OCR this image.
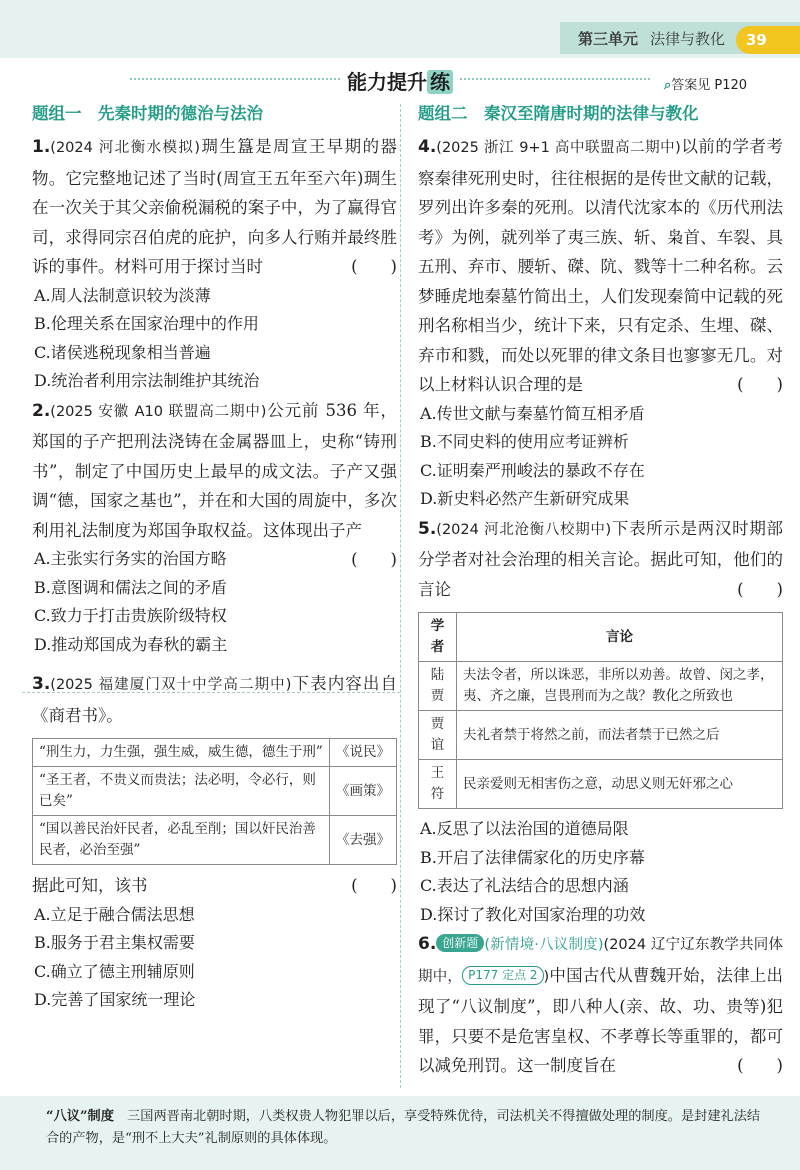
第三单元 法律与教化	39
能力提升 练	⌕答案见 P120
题组一　先秦时期的德治与法治
1.(2024 河北衡水模拟)琱生簋是周宣王早期的器物。它完整地记述了当时(周宣王五年至六年)琱生在一次关于其父亲偷税漏税的案子中，为了赢得官司，求得同宗召伯虎的庇护，向多人行贿并最终胜诉的事件。材料可用于探讨当时	(　　)
A.周人法制意识较为淡薄
B.伦理关系在国家治理中的作用
C.诸侯逃税现象相当普遍
D.统治者利用宗法制维护其统治
2.(2025 安徽 A10 联盟高二期中)公元前 536 年，郑国的子产把刑法浇铸在金属器皿上，史称“铸刑书”，制定了中国历史上最早的成文法。子产又强调“德，国家之基也”，并在和大国的周旋中，多次利用礼法制度为郑国争取权益。这体现出子产
(　　)
A.主张实行务实的治国方略
B.意图调和儒法之间的矛盾
C.致力于打击贵族阶级特权
D.推动郑国成为春秋的霸主
3.(2025 福建厦门双十中学高二期中)下表内容出自《商君书》。
“刑生力，力生强，强生威，威生德，德生于刑”	《说民》
“圣王者，不贵义而贵法；法必明，令必行，则已矣”	《画策》
“国以善民治奸民者，必乱至削；国以奸民治善民者，必治至强”	《去强》
据此可知，该书	(　　)
A.立足于融合儒法思想
B.服务于君主集权需要
C.确立了德主刑辅原则
D.完善了国家统一理论
题组二　秦汉至隋唐时期的法律与教化
4.(2025 浙江 9+1 高中联盟高二期中)以前的学者考察秦律死刑史时，往往根据的是传世文献的记载，罗列出许多秦的死刑。以清代沈家本的《历代刑法考》为例，就列举了夷三族、斩、枭首、车裂、具五刑、弃市、腰斩、磔、阬、戮等十二种名称。云梦睡虎地秦墓竹简出土，人们发现秦简中记载的死刑名称相当少，统计下来，只有定杀、生埋、磔、弃市和戮，而处以死罪的律文条目也寥寥无几。对以上材料认识合理的是	(　　)
A.传世文献与秦墓竹简互相矛盾
B.不同史料的使用应考证辨析
C.证明秦严刑峻法的暴政不存在
D.新史料必然产生新研究成果
5.(2024 河北沧衡八校期中)下表所示是两汉时期部分学者对社会治理的相关言论。据此可知，他们的言论	(　　)
学者	言论
陆贾	夫法令者，所以诛恶，非所以劝善。故曾、闵之孝，夷、齐之廉，岂畏刑而为之哉？教化之所致也
贾谊	夫礼者禁于将然之前，而法者禁于已然之后
王符	民亲爱则无相害伤之意，动思义则无奸邪之心
A.反思了以法治国的道德局限
B.开启了法律儒家化的历史序幕
C.表达了礼法结合的思想内涵
D.探讨了教化对国家治理的功效
6. 创新题 (新情境·八议制度)(2024 辽宁辽东教学共同体期中， P177 定点 2 )中国古代从曹魏开始，法律上出现了“八议制度”，即八种人(亲、故、功、贵等)犯罪，只要不是危害皇权、不孝尊长等重罪的，都可以减免刑罚。这一制度旨在	(　　)
“八议”制度　三国两晋南北朝时期，八类权贵人物犯罪以后，享受特殊优待，司法机关不得擅做处理的制度。是封建礼法结合的产物，是“刑不上大夫”礼制原则的具体体现。
